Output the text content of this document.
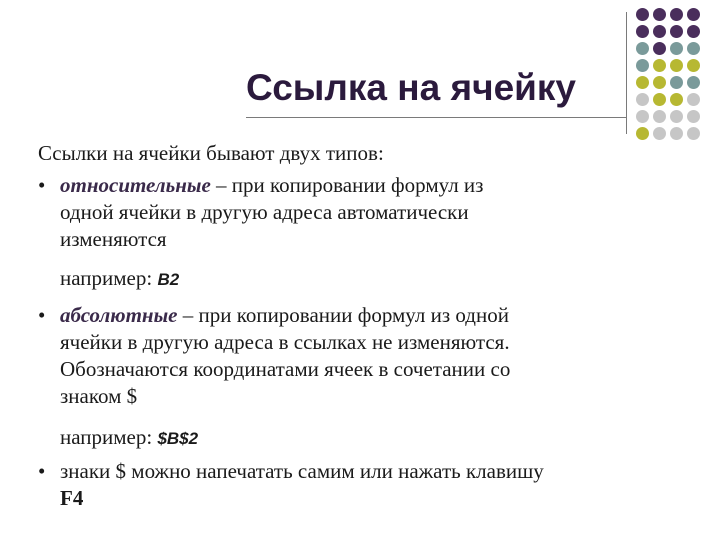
Ссылка на ячейку
Ссылки на ячейки бывают двух типов:
• относительные – при копировании формул из
одной ячейки в другую адреса автоматически
изменяются
например: B2
• абсолютные – при копировании формул из одной
ячейки в другую адреса в ссылках не изменяются.
Обозначаются координатами ячеек в сочетании со
знаком $
например: $B$2
• знаки $ можно напечатать самим или нажать клавишу
F4
